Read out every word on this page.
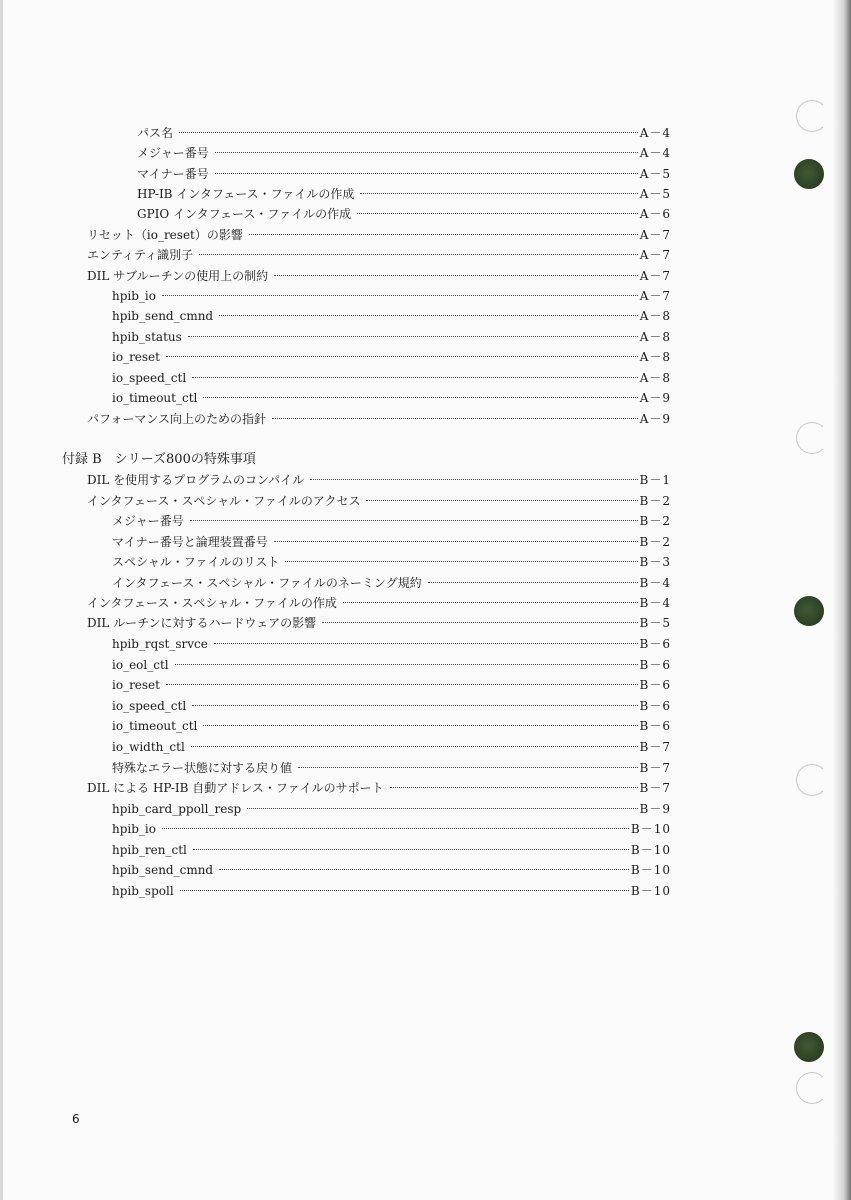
パス名	A－4
メジャー番号	A－4
マイナー番号	A－5
HP-IB インタフェース・ファイルの作成	A－5
GPIO インタフェース・ファイルの作成	A－6
リセット（io_reset）の影響	A－7
エンティティ識別子	A－7
DIL サブルーチンの使用上の制約	A－7
hpib_io	A－7
hpib_send_cmnd	A－8
hpib_status	A－8
io_reset	A－8
io_speed_ctl	A－8
io_timeout_ctl	A－9
パフォーマンス向上のための指針	A－9
付録 B　シリーズ800の特殊事項
DIL を使用するプログラムのコンパイル	B－1
インタフェース・スペシャル・ファイルのアクセス	B－2
メジャー番号	B－2
マイナー番号と論理装置番号	B－2
スペシャル・ファイルのリスト	B－3
インタフェース・スペシャル・ファイルのネーミング規約	B－4
インタフェース・スペシャル・ファイルの作成	B－4
DIL ルーチンに対するハードウェアの影響	B－5
hpib_rqst_srvce	B－6
io_eol_ctl	B－6
io_reset	B－6
io_speed_ctl	B－6
io_timeout_ctl	B－6
io_width_ctl	B－7
特殊なエラー状態に対する戻り値	B－7
DIL による HP-IB 自動アドレス・ファイルのサポート	B－7
hpib_card_ppoll_resp	B－9
hpib_io	B－10
hpib_ren_ctl	B－10
hpib_send_cmnd	B－10
hpib_spoll	B－10
6
